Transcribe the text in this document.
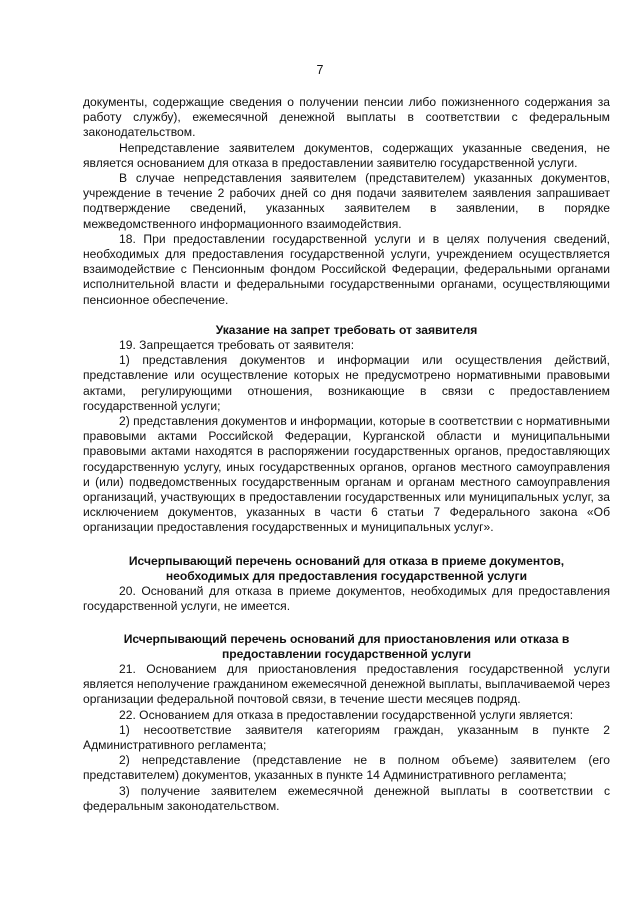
7

документы, содержащие сведения о получении пенсии либо пожизненного содержания за работу службу), ежемесячной денежной выплаты в соответствии с федеральным законодательством.

Непредставление заявителем документов, содержащих указанные сведения, не является основанием для отказа в предоставлении заявителю государственной услуги.

В случае непредставления заявителем (представителем) указанных документов, учреждение в течение 2 рабочих дней со дня подачи заявителем заявления запрашивает подтверждение сведений, указанных заявителем в заявлении, в порядке межведомственного информационного взаимодействия.

18. При предоставлении государственной услуги и в целях получения сведений, необходимых для предоставления государственной услуги, учреждением осуществляется взаимодействие с Пенсионным фондом Российской Федерации, федеральными органами исполнительной власти и федеральными государственными органами, осуществляющими пенсионное обеспечение.

Указание на запрет требовать от заявителя

19. Запрещается требовать от заявителя:

1) представления документов и информации или осуществления действий, представление или осуществление которых не предусмотрено нормативными правовыми актами, регулирующими отношения, возникающие в связи с предоставлением государственной услуги;

2) представления документов и информации, которые в соответствии с нормативными правовыми актами Российской Федерации, Курганской области и муниципальными правовыми актами находятся в распоряжении государственных органов, предоставляющих государственную услугу, иных государственных органов, органов местного самоуправления и (или) подведомственных государственным органам и органам местного самоуправления организаций, участвующих в предоставлении государственных или муниципальных услуг, за исключением документов, указанных в части 6 статьи 7 Федерального закона «Об организации предоставления государственных и муниципальных услуг».

Исчерпывающий перечень оснований для отказа в приеме документов,

необходимых для предоставления государственной услуги

20. Оснований для отказа в приеме документов, необходимых для предоставления государственной услуги, не имеется.

Исчерпывающий перечень оснований для приостановления или отказа в

предоставлении государственной услуги

21. Основанием для приостановления предоставления государственной услуги является неполучение гражданином ежемесячной денежной выплаты, выплачиваемой через организации федеральной почтовой связи, в течение шести месяцев подряд.

22. Основанием для отказа в предоставлении государственной услуги является:

1) несоответствие заявителя категориям граждан, указанным в пункте 2 Административного регламента;

2) непредставление (представление не в полном объеме) заявителем (его представителем) документов, указанных в пункте 14 Административного регламента;

3) получение заявителем ежемесячной денежной выплаты в соответствии с федеральным законодательством.
